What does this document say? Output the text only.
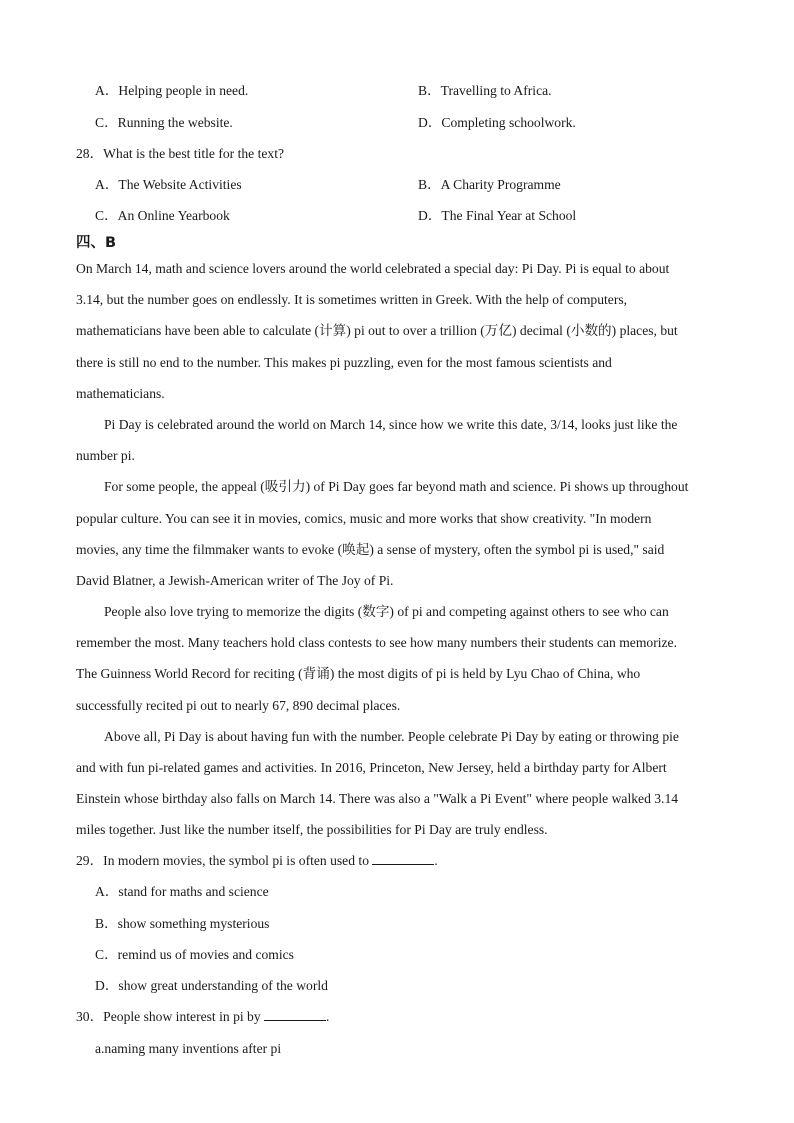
A．Helping people in need.	B．Travelling to Africa.
C．Running the website.	D．Completing schoolwork.
28．What is the best title for the text?
A．The Website Activities	B．A Charity Programme
C．An Online Yearbook	D．The Final Year at School
四、B
On March 14, math and science lovers around the world celebrated a special day: Pi Day. Pi is equal to about
3.14, but the number goes on endlessly. It is sometimes written in Greek. With the help of computers,
mathematicians have been able to calculate (计算) pi out to over a trillion (万亿) decimal (小数的) places, but
there is still no end to the number. This makes pi puzzling, even for the most famous scientists and
mathematicians.
Pi Day is celebrated around the world on March 14, since how we write this date, 3/14, looks just like the
number pi.
For some people, the appeal (吸引力) of Pi Day goes far beyond math and science. Pi shows up throughout
popular culture. You can see it in movies, comics, music and more works that show creativity. "In modern
movies, any time the filmmaker wants to evoke (唤起) a sense of mystery, often the symbol pi is used," said
David Blatner, a Jewish-American writer of The Joy of Pi.
People also love trying to memorize the digits (数字) of pi and competing against others to see who can
remember the most. Many teachers hold class contests to see how many numbers their students can memorize.
The Guinness World Record for reciting (背诵) the most digits of pi is held by Lyu Chao of China, who
successfully recited pi out to nearly 67, 890 decimal places.
Above all, Pi Day is about having fun with the number. People celebrate Pi Day by eating or throwing pie
and with fun pi-related games and activities. In 2016, Princeton, New Jersey, held a birthday party for Albert
Einstein whose birthday also falls on March 14. There was also a "Walk a Pi Event" where people walked 3.14
miles together. Just like the number itself, the possibilities for Pi Day are truly endless.
29．In modern movies, the symbol pi is often used to	.
A．stand for maths and science
B．show something mysterious
C．remind us of movies and comics
D．show great understanding of the world
30．People show interest in pi by	.
a.naming many inventions after pi
